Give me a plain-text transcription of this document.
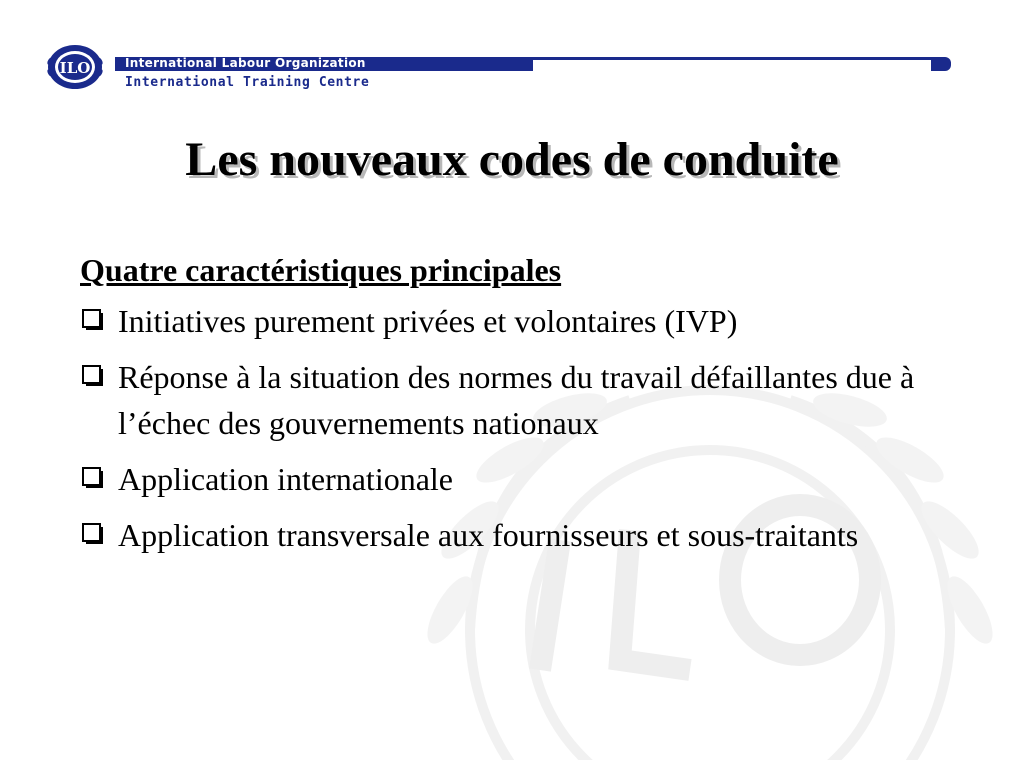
ILO	International Labour Organization
International Training Centre
Les nouveaux codes de conduite
Quatre caractéristiques principales
Initiatives purement privées et volontaires (IVP)
Réponse à la situation des normes du travail défaillantes due à l’échec des gouvernements nationaux
Application internationale
Application transversale aux fournisseurs et sous-traitants
